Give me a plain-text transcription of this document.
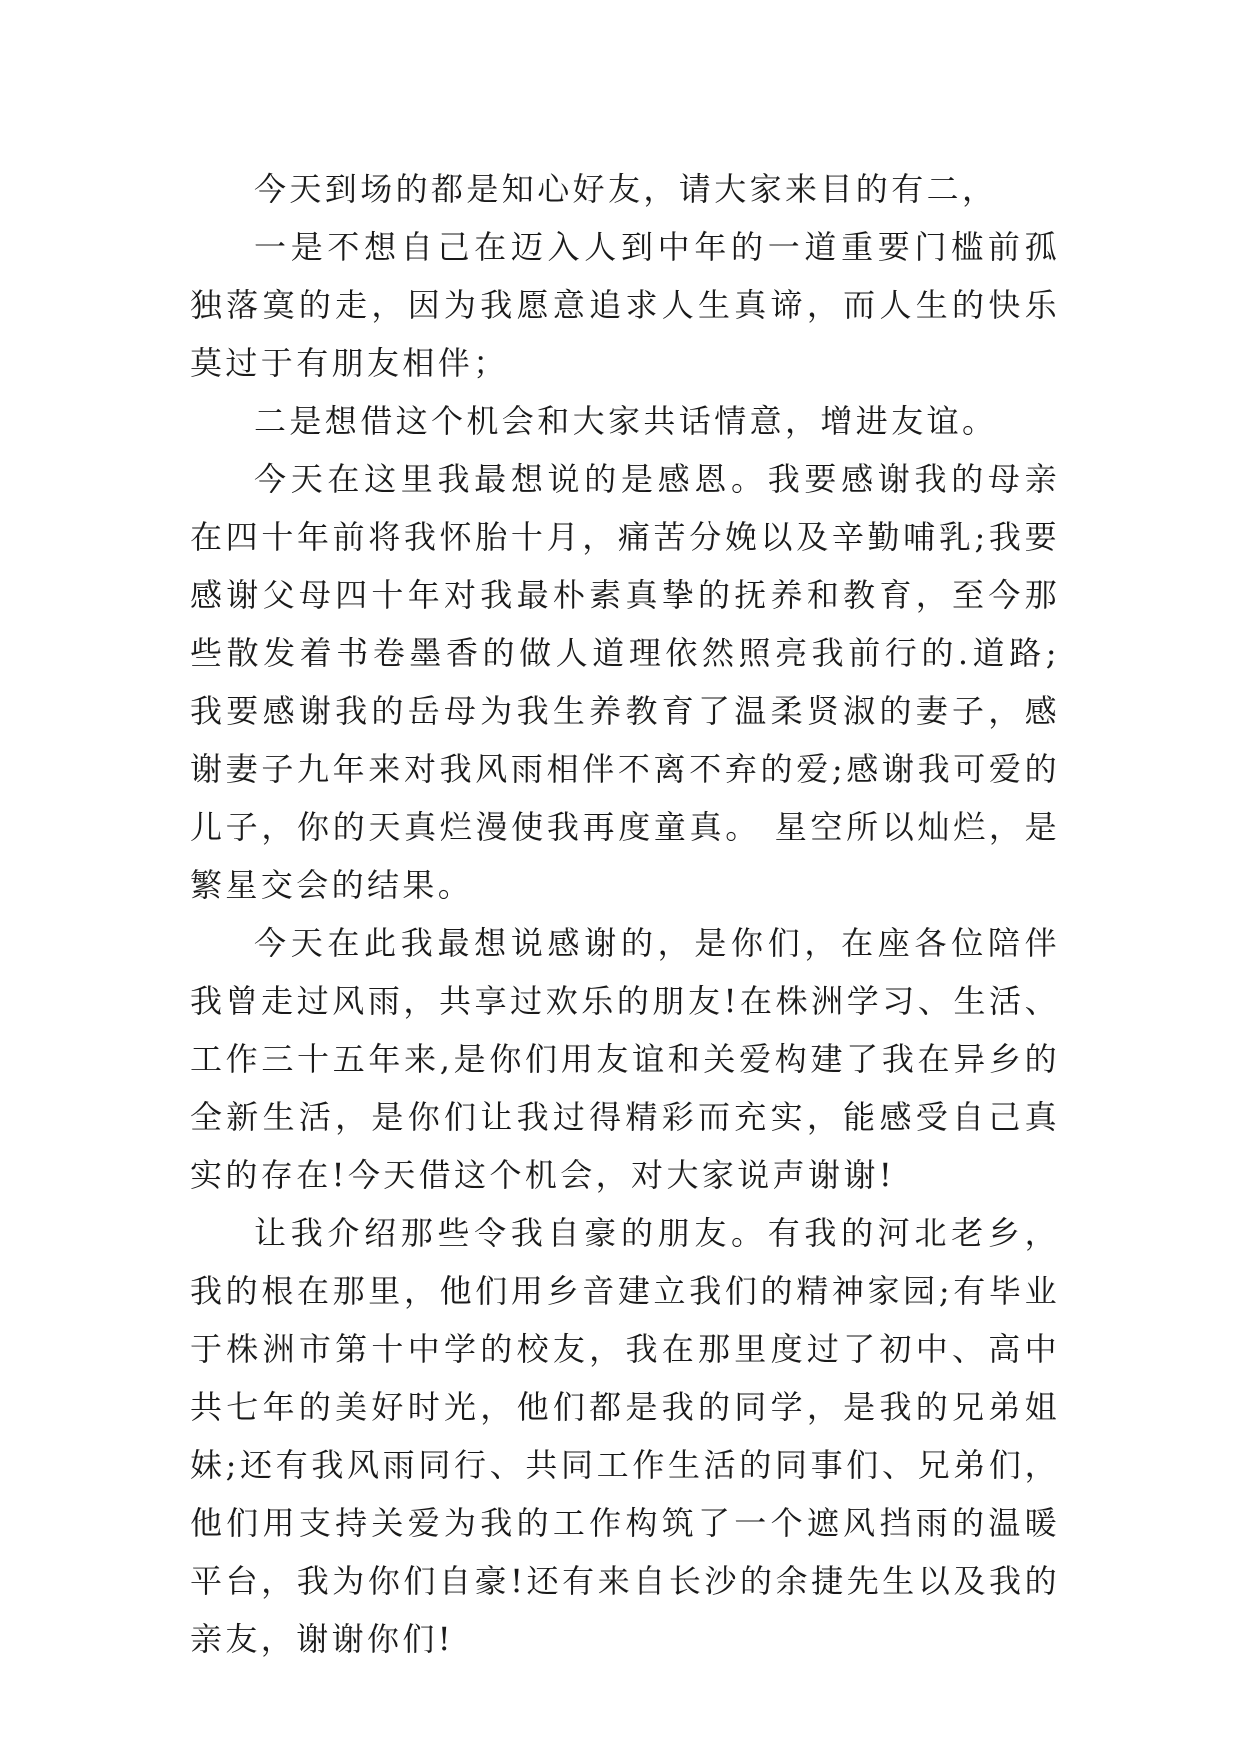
今天到场的都是知心好友，请大家来目的有二，

一是不想自己在迈入人到中年的一道重要门槛前孤独落寞的走，因为我愿意追求人生真谛，而人生的快乐莫过于有朋友相伴；

二是想借这个机会和大家共话情意，增进友谊。

今天在这里我最想说的是感恩。我要感谢我的母亲在四十年前将我怀胎十月，痛苦分娩以及辛勤哺乳;我要感谢父母四十年对我最朴素真挚的抚养和教育，至今那些散发着书卷墨香的做人道理依然照亮我前行的.道路;我要感谢我的岳母为我生养教育了温柔贤淑的妻子，感谢妻子九年来对我风雨相伴不离不弃的爱;感谢我可爱的儿子，你的天真烂漫使我再度童真。 星空所以灿烂，是繁星交会的结果。

今天在此我最想说感谢的，是你们，在座各位陪伴我曾走过风雨，共享过欢乐的朋友!在株洲学习、生活、工作三十五年来,是你们用友谊和关爱构建了我在异乡的全新生活，是你们让我过得精彩而充实，能感受自己真实的存在!今天借这个机会，对大家说声谢谢!

让我介绍那些令我自豪的朋友。有我的河北老乡，我的根在那里，他们用乡音建立我们的精神家园;有毕业于株洲市第十中学的校友，我在那里度过了初中、高中共七年的美好时光，他们都是我的同学，是我的兄弟姐妹;还有我风雨同行、共同工作生活的同事们、兄弟们，他们用支持关爱为我的工作构筑了一个遮风挡雨的温暖平台，我为你们自豪!还有来自长沙的余捷先生以及我的亲友，谢谢你们!
